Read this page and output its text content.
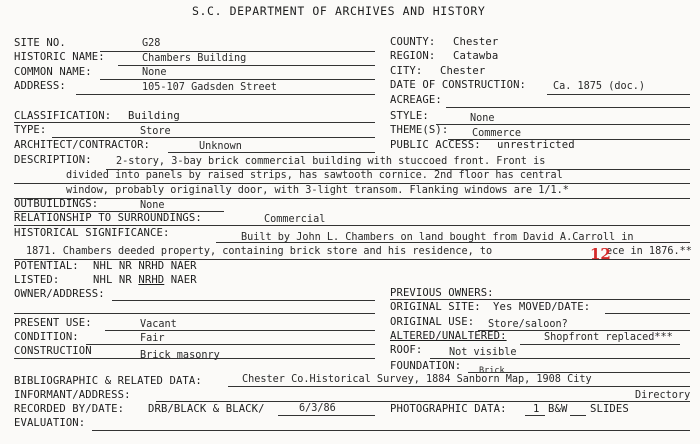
S.C. DEPARTMENT OF ARCHIVES AND HISTORY
SITE NO.	G28
HISTORIC NAME:	Chambers Building
COMMON NAME:	None
ADDRESS:	105-107 Gadsden Street
COUNTY: Chester
REGION: Catawba
CITY: Chester
DATE OF CONSTRUCTION:	Ca. 1875 (doc.)
ACREAGE:
CLASSIFICATION: Building
TYPE:	Store
ARCHITECT/CONTRACTOR:	Unknown
STYLE:	None
THEME(S): Commerce
PUBLIC ACCESS: unrestricted
DESCRIPTION: 2-story, 3-bay brick commercial building with stuccoed front. Front is
divided into panels by raised strips, has sawtooth cornice. 2nd floor has central
window, probably originally door, with 3-light transom. Flanking windows are 1/1.*
OUTBUILDINGS:	None
RELATIONSHIP TO SURROUNDINGS:	Commercial
HISTORICAL SIGNIFICANCE:	Built by John L. Chambers on land bought from David A.Carroll in
1871. Chambers deeded property, containing brick store and his residence, to	ece in 1876.**
12
POTENTIAL: NHL NR NRHD NAER
LISTED:	NHL NR NRHD NAER
OWNER/ADDRESS:	PREVIOUS OWNERS:
ORIGINAL SITE: Yes MOVED/DATE:
PRESENT USE:	Vacant	ORIGINAL USE: Store/saloon?
CONDITION:	Fair	ALTERED/UNALTERED:	Shopfront replaced***
CONSTRUCTION	Brick masonry	ROOF:	Not visible
Brick
FOUNDATION:
BIBLIOGRAPHIC & RELATED DATA:	Chester Co.Historical Survey, 1884 Sanborn Map, 1908 City
INFORMANT/ADDRESS:	Directory
RECORDED BY/DATE: DRB/BLACK & BLACK/	6/3/86	PHOTOGRAPHIC DATA: 1 B&W SLIDES
EVALUATION:
